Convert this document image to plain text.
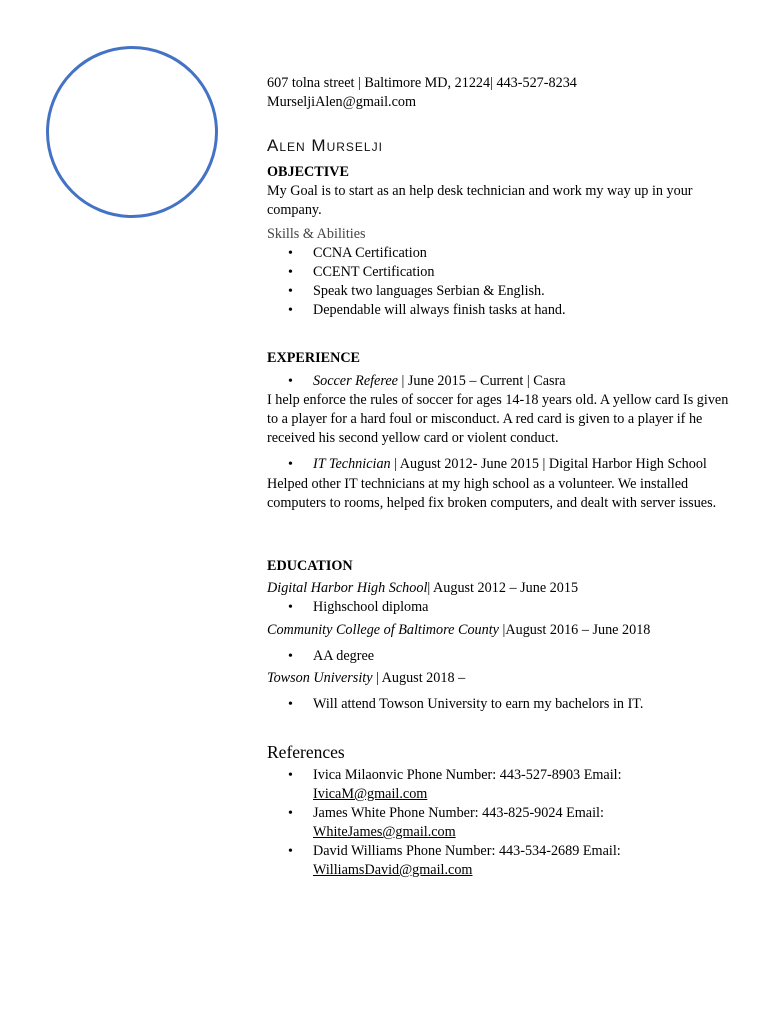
607 tolna street | Baltimore MD, 21224| 443-527-8234
MurseljiAlen@gmail.com
Alen Murselji
OBJECTIVE
My Goal is to start as an help desk technician and work my way up in your company.
Skills & Abilities
• CCNA Certification
• CCENT Certification
• Speak two languages Serbian & English.
• Dependable will always finish tasks at hand.
EXPERIENCE
• Soccer Referee | June 2015 – Current | Casra
I help enforce the rules of soccer for ages 14-18 years old. A yellow card Is given to a player for a hard foul or misconduct. A red card is given to a player if he received his second yellow card or violent conduct.
• IT Technician | August 2012- June 2015 | Digital Harbor High School
Helped other IT technicians at my high school as a volunteer. We installed computers to rooms, helped fix broken computers, and dealt with server issues.
EDUCATION
Digital Harbor High School| August 2012 – June 2015
• Highschool diploma
Community College of Baltimore County |August 2016 – June 2018
• AA degree
Towson University | August 2018 –
• Will attend Towson University to earn my bachelors in IT.
References
• Ivica Milaonvic Phone Number: 443-527-8903 Email:
IvicaM@gmail.com
• James White Phone Number: 443-825-9024 Email:
WhiteJames@gmail.com
• David Williams Phone Number: 443-534-2689 Email:
WilliamsDavid@gmail.com
